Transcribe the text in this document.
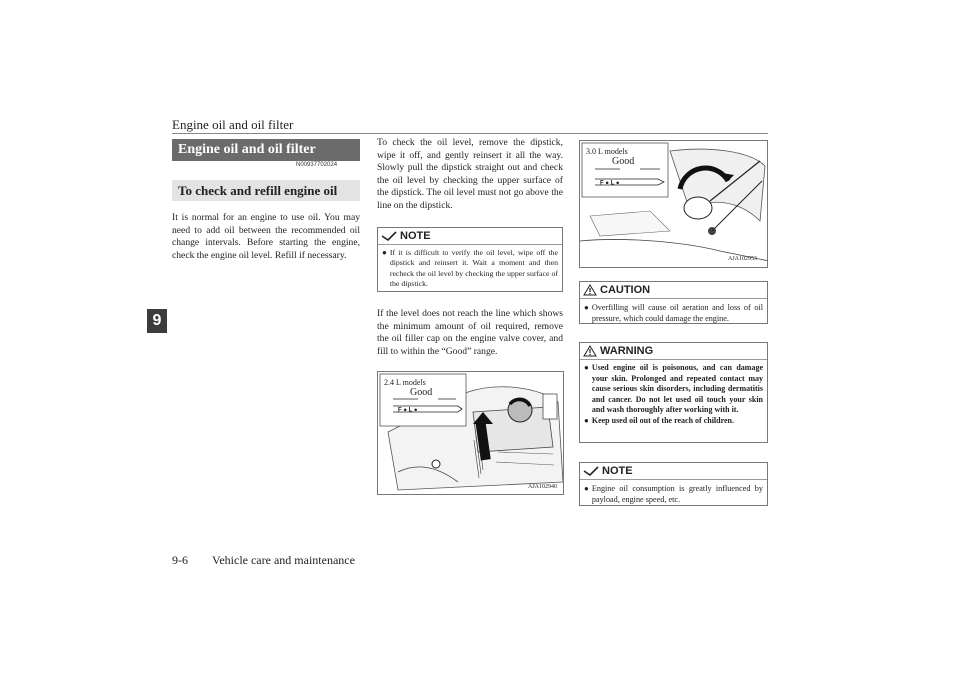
Engine oil and oil filter
9
Engine oil and oil filter
N00937702024
To check and refill engine oil
It is normal for an engine to use oil. You may need to add oil between the recommended oil change intervals. Before starting the engine, check the engine oil level. Refill if necessary.
To check the oil level, remove the dipstick, wipe it off, and gently reinsert it all the way. Slowly pull the dipstick straight out and check the oil level by checking the upper surface of the dipstick. The oil level must not go above the line on the dipstick.
NOTE
● If it is difficult to verify the oil level, wipe off the dipstick and reinsert it. Wait a moment and then recheck the oil level by checking the upper surface of the dipstick.
If the level does not reach the line which shows the minimum amount of oil required, remove the oil filler cap on the engine valve cover, and fill to within the “Good” range.
F ● L ●
2.4 L models
Good
AJA102940
F ● L ●
3.0 L models
Good
AJA102953
CAUTION
● Overfilling will cause oil aeration and loss of oil pressure, which could damage the engine.
WARNING
● Used engine oil is poisonous, and can damage your skin. Prolonged and repeated contact may cause serious skin disorders, including dermatitis and cancer. Do not let used oil touch your skin and wash thoroughly after working with it.
● Keep used oil out of the reach of children.
NOTE
● Engine oil consumption is greatly influenced by payload, engine speed, etc.
9-6 Vehicle care and maintenance
